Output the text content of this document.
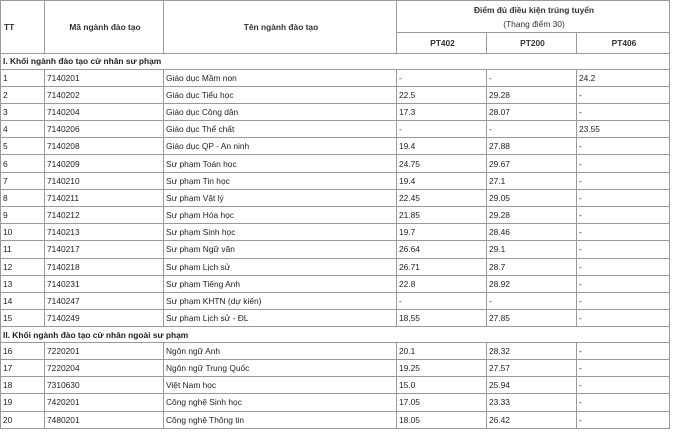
TT	Mã ngành đào tạo	Tên ngành đào tạo	Điểm đủ điều kiện trúng tuyển
(Thang điểm 30)		

			PT402	PT200	PT406
I. Khối ngành đào tạo cử nhân sư phạm					
1	7140201	Giáo dục Mầm non	-	-	24.2
2	7140202	Giáo dục Tiểu học	22.5	29.28	-
3	7140204	Giáo dục Công dân	17.3	28.07	-
4	7140206	Giáo dục Thể chất	-	-	23.55
5	7140208	Giáo dục QP - An ninh	19.4	27.88	-
6	7140209	Sư phạm Toán học	24.75	29.67	-
7	7140210	Sư phạm Tin học	19.4	27.1	-
8	7140211	Sư phạm Vật lý	22.45	29.05	-
9	7140212	Sư phạm Hóa học	21.85	29.28	-
10	7140213	Sư phạm Sinh học	19.7	28.46	-
11	7140217	Sư phạm Ngữ văn	26.64	29.1	-
12	7140218	Sư phạm Lịch sử	26.71	28.7	-
13	7140231	Sư phạm Tiếng Anh	22.8	28.92	-
14	7140247	Sư phạm KHTN (dự kiến)	-	-	-
15	7140249	Sư phạm Lịch sử - ĐL	18.55	27.85	-
II. Khối ngành đào tạo cử nhân ngoài sư phạm					
16	7220201	Ngôn ngữ Anh	20.1	28.32	-
17	7220204	Ngôn ngữ Trung Quốc	19.25	27.57	-
18	7310630	Việt Nam học	15.0	25.94	-
19	7420201	Công nghệ Sinh học	17.05	23.33	-
20	7480201	Công nghệ Thông tin	18.05	26.42	-
